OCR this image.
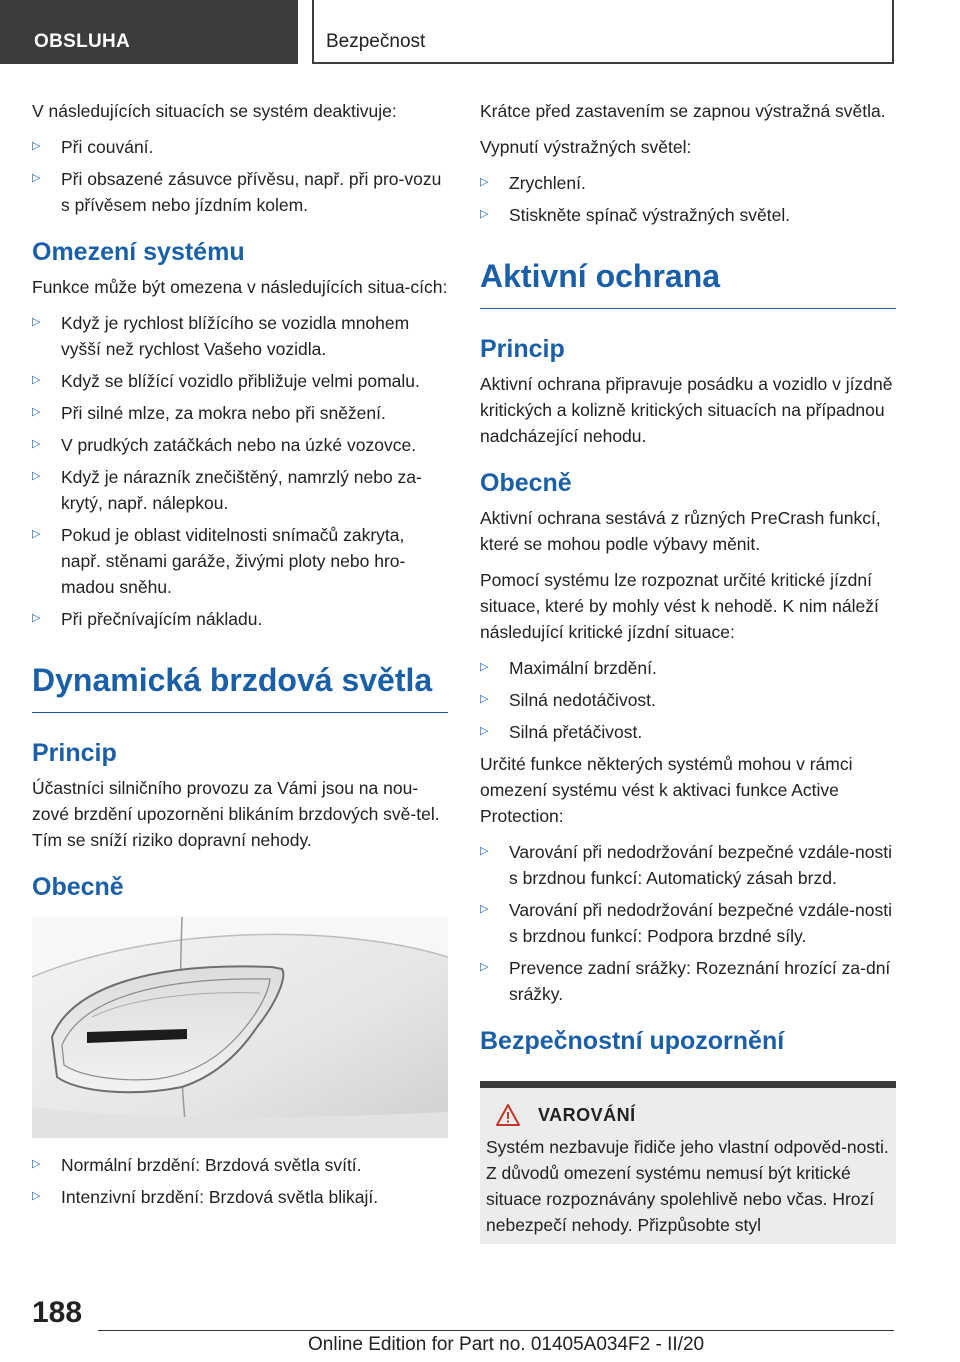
OBSLUHA	Bezpečnost

V následujících situacích se systém deaktivuje:

▷ Při couvání.
▷ Při obsazené zásuvce přívěsu, např. při pro-vozu s přívěsem nebo jízdním kolem.
Omezení systému

Funkce může být omezena v následujících situa-cích:

▷ Když je rychlost blížícího se vozidla mnohem vyšší než rychlost Vašeho vozidla.
▷ Když se blížící vozidlo přibližuje velmi pomalu.
▷ Při silné mlze, za mokra nebo při sněžení.
▷ V prudkých zatáčkách nebo na úzké vozovce.
▷ Když je nárazník znečištěný, namrzlý nebo za-krytý, např. nálepkou.
▷ Pokud je oblast viditelnosti snímačů zakryta, např. stěnami garáže, živými ploty nebo hro-madou sněhu.
▷ Při přečnívajícím nákladu.
Dynamická brzdová světla
Princip

Účastníci silničního provozu za Vámi jsou na nou-zové brzdění upozorněni blikáním brzdových svě-tel. Tím se sníží riziko dopravní nehody.

Obecně
▷ Normální brzdění: Brzdová světla svítí.
▷ Intenzivní brzdění: Brzdová světla blikají.

Krátce před zastavením se zapnou výstražná světla.

Vypnutí výstražných světel:

▷ Zrychlení.
▷ Stiskněte spínač výstražných světel.
Aktivní ochrana
Princip

Aktivní ochrana připravuje posádku a vozidlo v jízdně kritických a kolizně kritických situacích na případnou nadcházející nehodu.

Obecně

Aktivní ochrana sestává z různých PreCrash funkcí, které se mohou podle výbavy měnit.

Pomocí systému lze rozpoznat určité kritické jízdní situace, které by mohly vést k nehodě. K nim náleží následující kritické jízdní situace:

▷ Maximální brzdění.
▷ Silná nedotáčivost.
▷ Silná přetáčivost.

Určité funkce některých systémů mohou v rámci omezení systému vést k aktivaci funkce Active Protection:

▷ Varování při nedodržování bezpečné vzdále-nosti s brzdnou funkcí: Automatický zásah brzd.
▷ Varování při nedodržování bezpečné vzdále-nosti s brzdnou funkcí: Podpora brzdné síly.
▷ Prevence zadní srážky: Rozeznání hrozící za-dní srážky.
Bezpečnostní upozornění
VAROVÁNÍ

Systém nezbavuje řidiče jeho vlastní odpověd-nosti. Z důvodů omezení systému nemusí být kritické situace rozpoznávány spolehlivě nebo včas. Hrozí nebezpečí nehody. Přizpůsobte styl

188
Online Edition for Part no. 01405A034F2 - II/20
